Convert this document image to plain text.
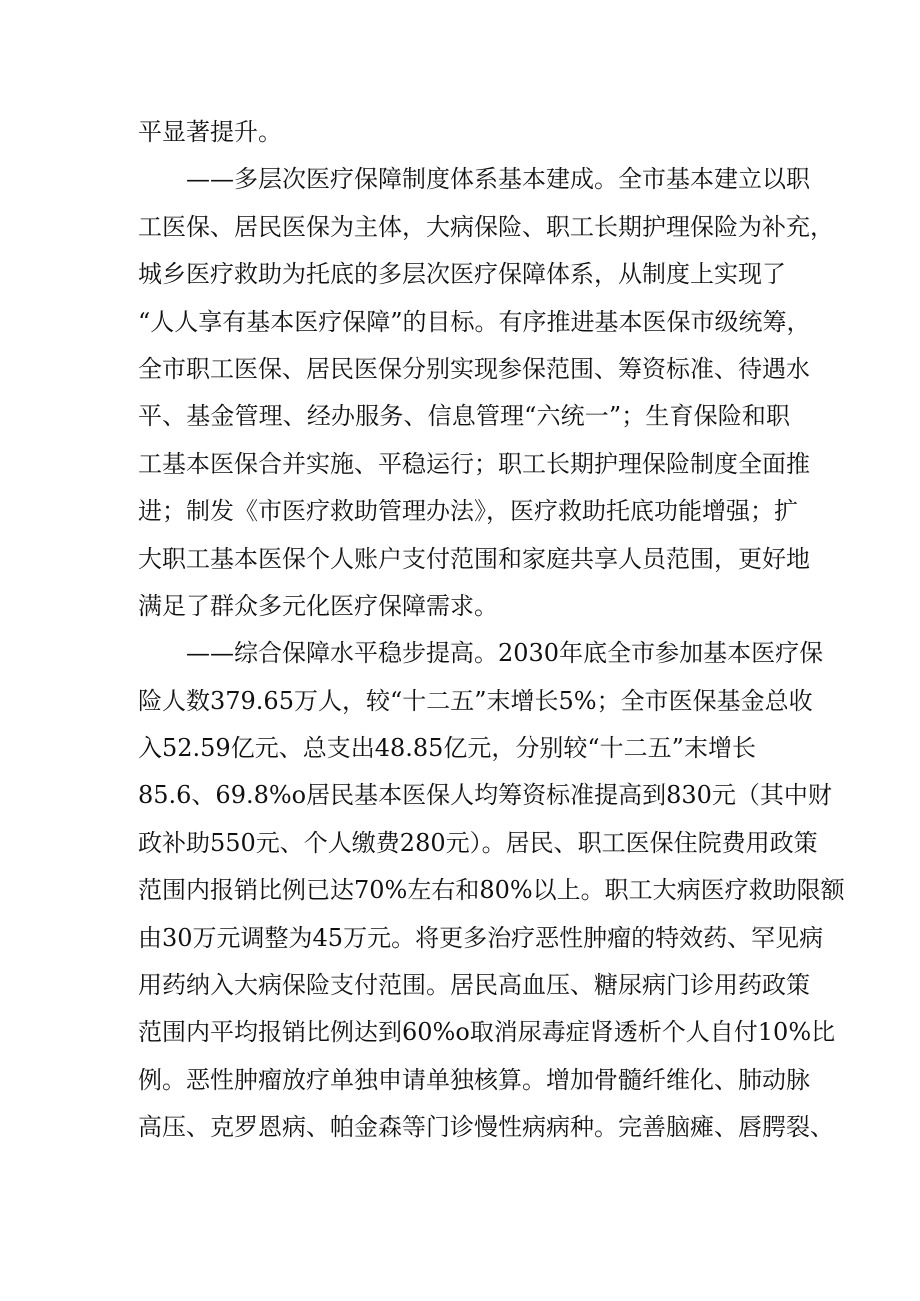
平显著提升。
——多层次医疗保障制度体系基本建成。全市基本建立以职
工医保、居民医保为主体，大病保险、职工长期护理保险为补充，
城乡医疗救助为托底的多层次医疗保障体系，从制度上实现了
“人人享有基本医疗保障”的目标。有序推进基本医保市级统筹，
全市职工医保、居民医保分别实现参保范围、筹资标准、待遇水
平、基金管理、经办服务、信息管理“六统一”；生育保险和职
工基本医保合并实施、平稳运行；职工长期护理保险制度全面推
进；制发《市医疗救助管理办法》，医疗救助托底功能增强；扩
大职工基本医保个人账户支付范围和家庭共享人员范围，更好地
满足了群众多元化医疗保障需求。
——综合保障水平稳步提高。2030年底全市参加基本医疗保
险人数379.65万人，较“十二五”末增长5%；全市医保基金总收
入52.59亿元、总支出48.85亿元，分别较“十二五”末增长
85.6、69.8%o居民基本医保人均筹资标准提高到830元（其中财
政补助550元、个人缴费280元）。居民、职工医保住院费用政策
范围内报销比例已达70%左右和80%以上。职工大病医疗救助限额
由30万元调整为45万元。将更多治疗恶性肿瘤的特效药、罕见病
用药纳入大病保险支付范围。居民高血压、糖尿病门诊用药政策
范围内平均报销比例达到60%o取消尿毒症肾透析个人自付10%比
例。恶性肿瘤放疗单独申请单独核算。增加骨髓纤维化、肺动脉
高压、克罗恩病、帕金森等门诊慢性病病种。完善脑瘫、唇腭裂、
